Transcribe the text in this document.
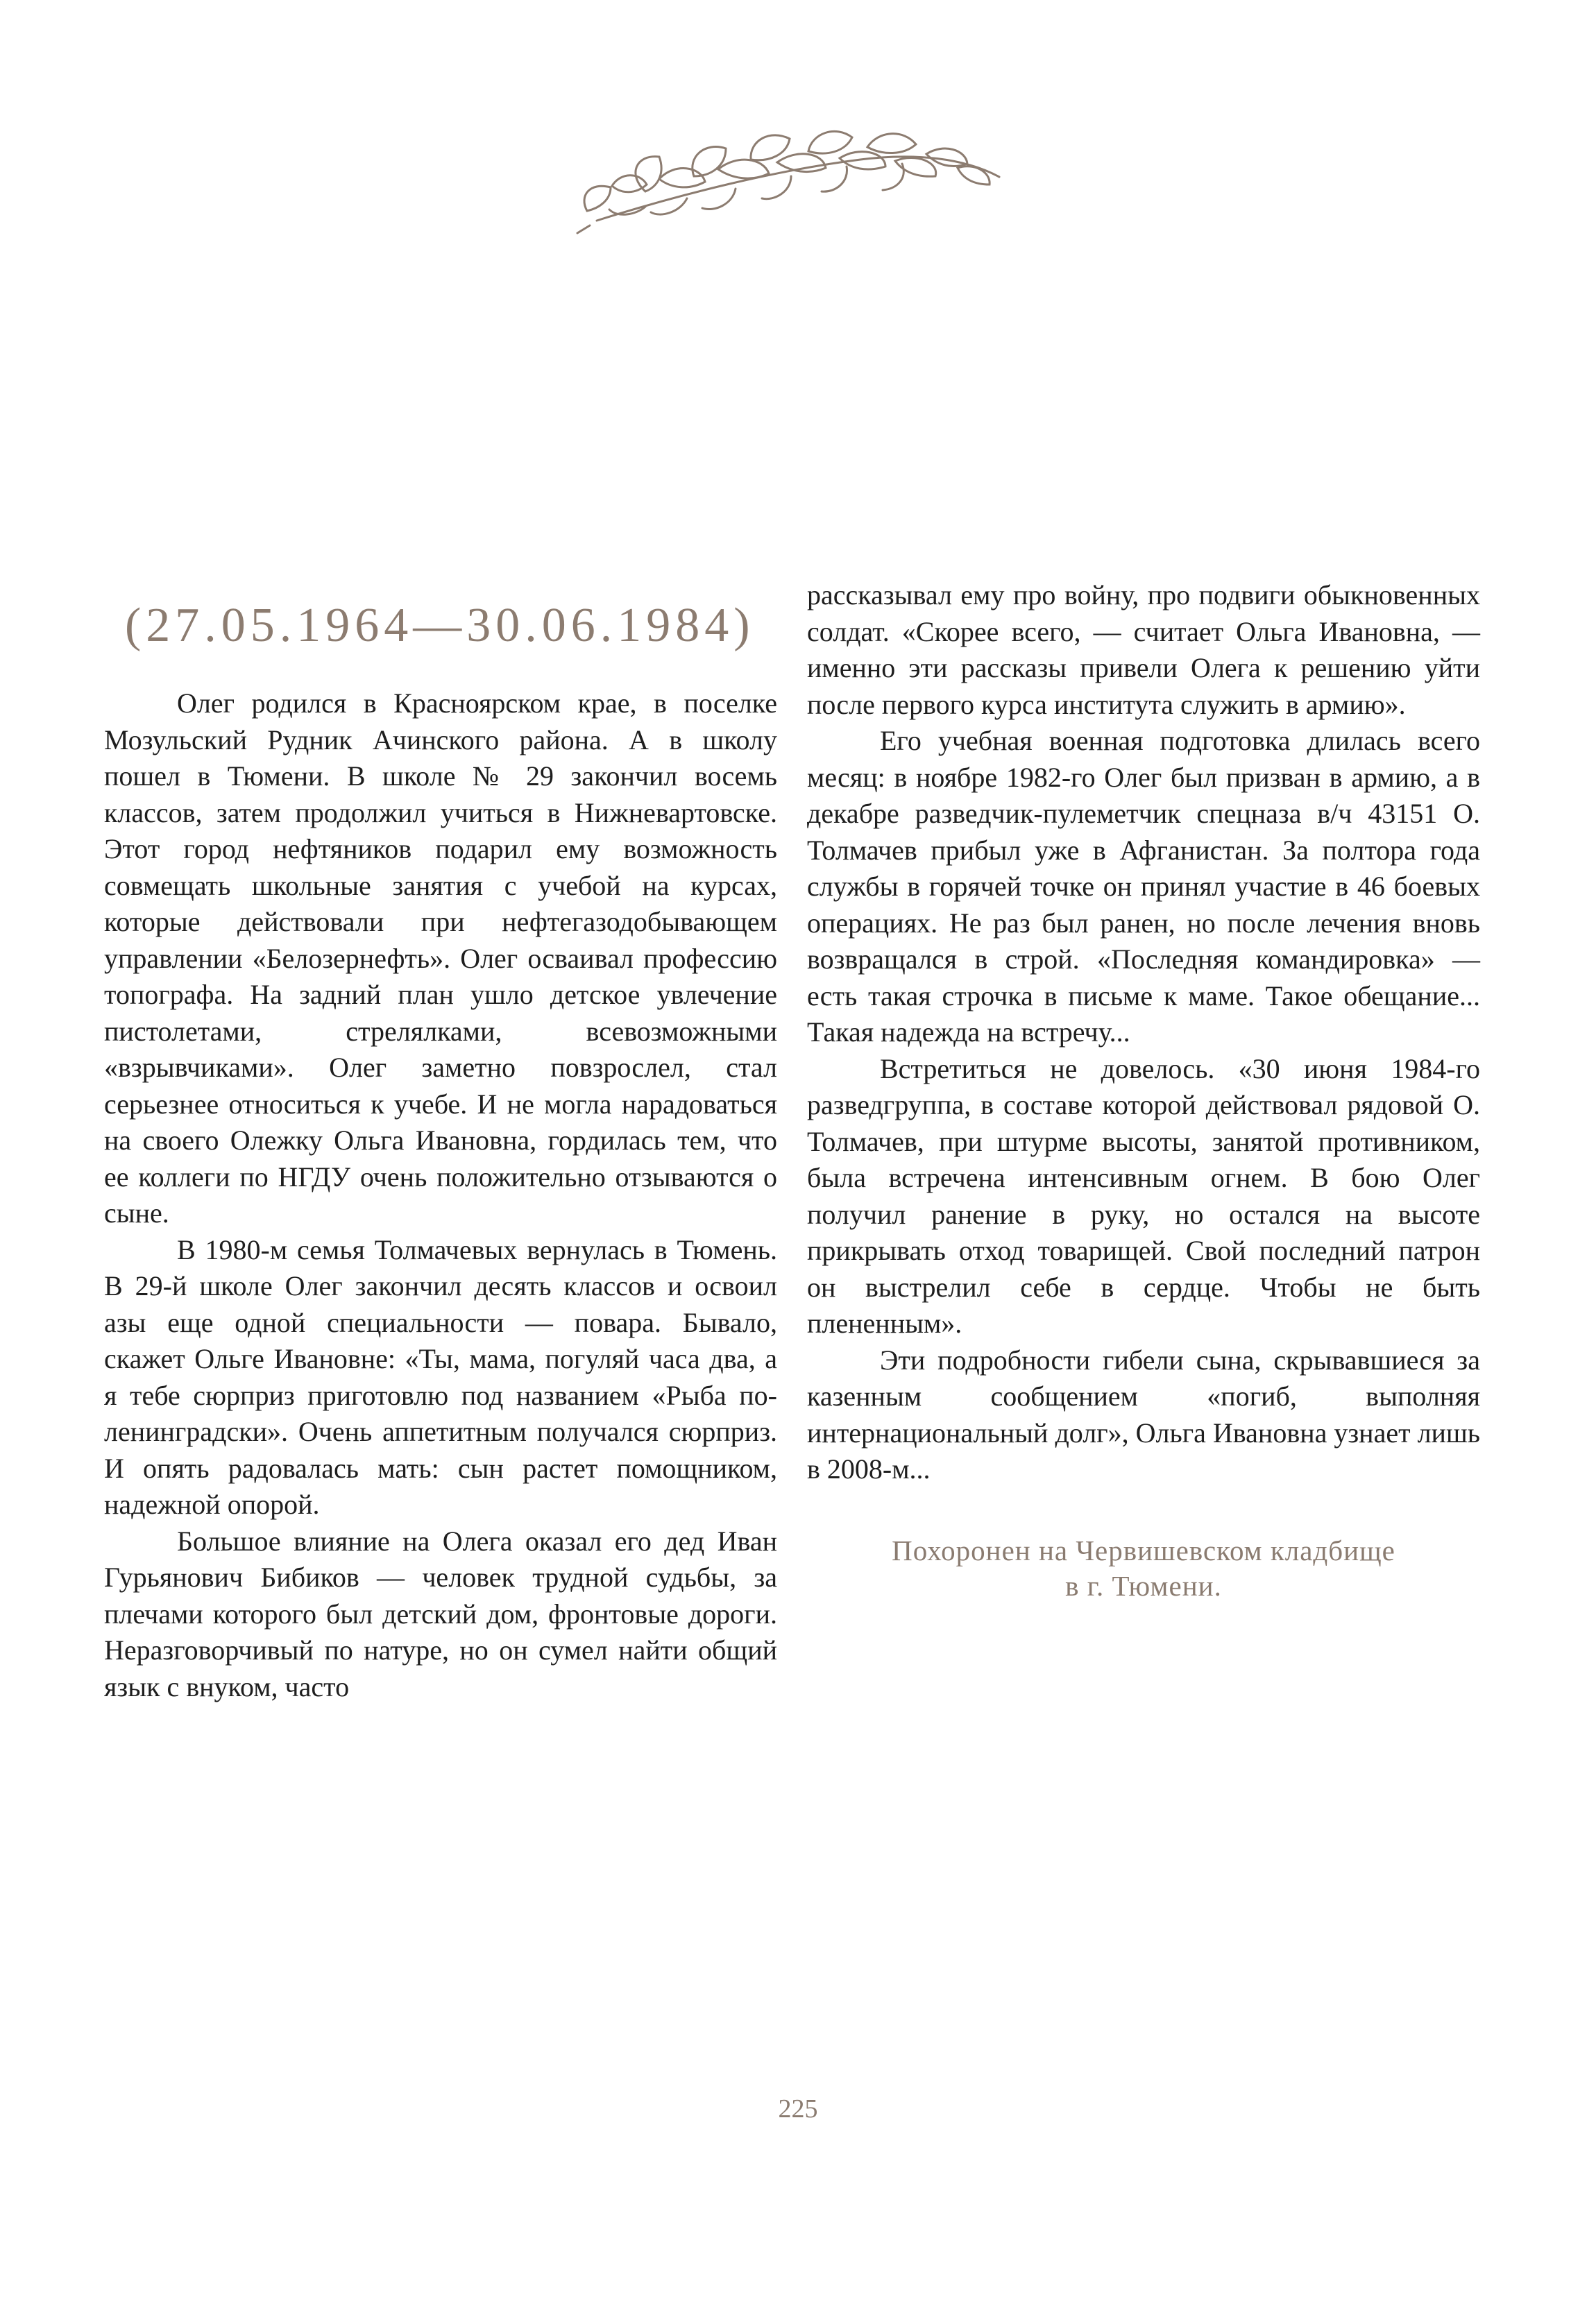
(27.05.1964—30.06.1984)

Олег родился в Красноярском крае, в поселке Мозульский Рудник Ачинского района. А в школу пошел в Тюмени. В школе № 29 закончил восемь классов, затем продолжил учиться в Нижневартовске. Этот город нефтяников подарил ему возможность совмещать школьные занятия с учебой на курсах, которые действовали при нефтегазодобывающем управлении «Белозернефть». Олег осваивал профессию топографа. На задний план ушло детское увлечение пистолетами, стрелялками, всевозможными «взрывчиками». Олег заметно повзрослел, стал серьезнее относиться к учебе. И не могла нарадоваться на своего Олежку Ольга Ивановна, гордилась тем, что ее коллеги по НГДУ очень положительно отзываются о сыне.

В 1980-м семья Толмачевых вернулась в Тюмень. В 29-й школе Олег закончил десять классов и освоил азы еще одной специальности — повара. Бывало, скажет Ольге Ивановне: «Ты, мама, погуляй часа два, а я тебе сюрприз приготовлю под названием «Рыба по-ленинградски». Очень аппетитным получался сюрприз. И опять радовалась мать: сын растет помощником, надежной опорой.

Большое влияние на Олега оказал его дед Иван Гурьянович Бибиков — человек трудной судьбы, за плечами которого был детский дом, фронтовые дороги. Неразговорчивый по натуре, но он сумел найти общий язык с внуком, часто

рассказывал ему про войну, про подвиги обыкновенных солдат. «Скорее всего, — считает Ольга Ивановна, — именно эти рассказы привели Олега к решению уйти после первого курса института служить в армию».

Его учебная военная подготовка длилась всего месяц: в ноябре 1982-го Олег был призван в армию, а в декабре разведчик-пулеметчик спецназа в/ч 43151 О. Толмачев прибыл уже в Афганистан. За полтора года службы в горячей точке он принял участие в 46 боевых операциях. Не раз был ранен, но после лечения вновь возвращался в строй. «Последняя командировка» — есть такая строчка в письме к маме. Такое обещание... Такая надежда на встречу...

Встретиться не довелось. «30 июня 1984-го разведгруппа, в составе которой действовал рядовой О. Толмачев, при штурме высоты, занятой противником, была встречена интенсивным огнем. В бою Олег получил ранение в руку, но остался на высоте прикрывать отход товарищей. Свой последний патрон он выстрелил себе в сердце. Чтобы не быть плененным».

Эти подробности гибели сына, скрывавшиеся за казенным сообщением «погиб, выполняя интернациональный долг», Ольга Ивановна узнает лишь в 2008-м...

Похоронен на Червишевском кладбище
в г. Тюмени.
225
